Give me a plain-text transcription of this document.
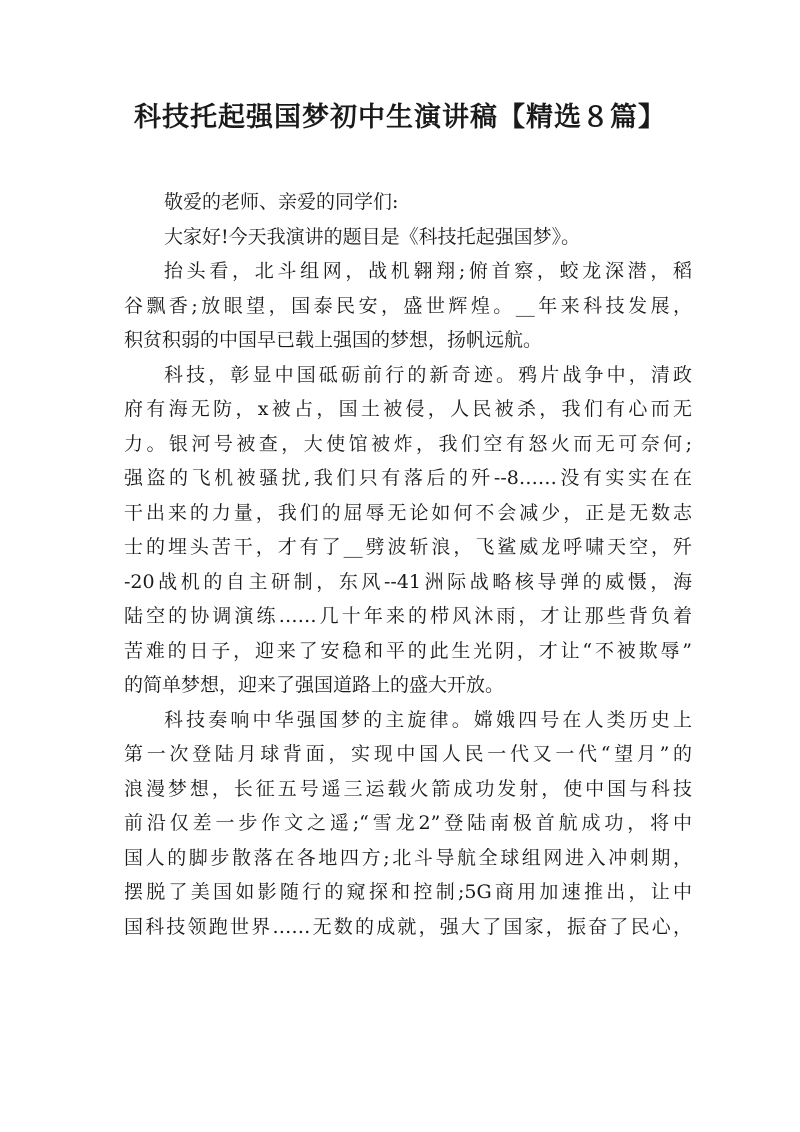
科技托起强国梦初中生演讲稿【精选８篇】
敬爱的老师、亲爱的同学们:
大家好!今天我演讲的题目是《科技托起强国梦》。
抬头看，北斗组网，战机翱翔;俯首察，蛟龙深潜，稻
谷飘香;放眼望，国泰民安，盛世辉煌。__年来科技发展，
积贫积弱的中国早已载上强国的梦想，扬帆远航。
科技，彰显中国砥砺前行的新奇迹。鸦片战争中，清政
府有海无防，x被占，国土被侵，人民被杀，我们有心而无
力。银河号被查，大使馆被炸，我们空有怒火而无可奈何;
强盗的飞机被骚扰,我们只有落后的歼--8……没有实实在在
干出来的力量，我们的屈辱无论如何不会减少，正是无数志
士的埋头苦干，才有了__劈波斩浪，飞鲨威龙呼啸天空，歼
-20战机的自主研制，东风--41洲际战略核导弹的威慑，海
陆空的协调演练……几十年来的栉风沐雨，才让那些背负着
苦难的日子，迎来了安稳和平的此生光阴，才让“不被欺辱”
的简单梦想，迎来了强国道路上的盛大开放。
科技奏响中华强国梦的主旋律。嫦娥四号在人类历史上
第一次登陆月球背面，实现中国人民一代又一代“望月”的
浪漫梦想，长征五号遥三运载火箭成功发射，使中国与科技
前沿仅差一步作文之遥;“雪龙2”登陆南极首航成功，将中
国人的脚步散落在各地四方;北斗导航全球组网进入冲刺期，
摆脱了美国如影随行的窥探和控制;5G商用加速推出，让中
国科技领跑世界……无数的成就，强大了国家，振奋了民心，
